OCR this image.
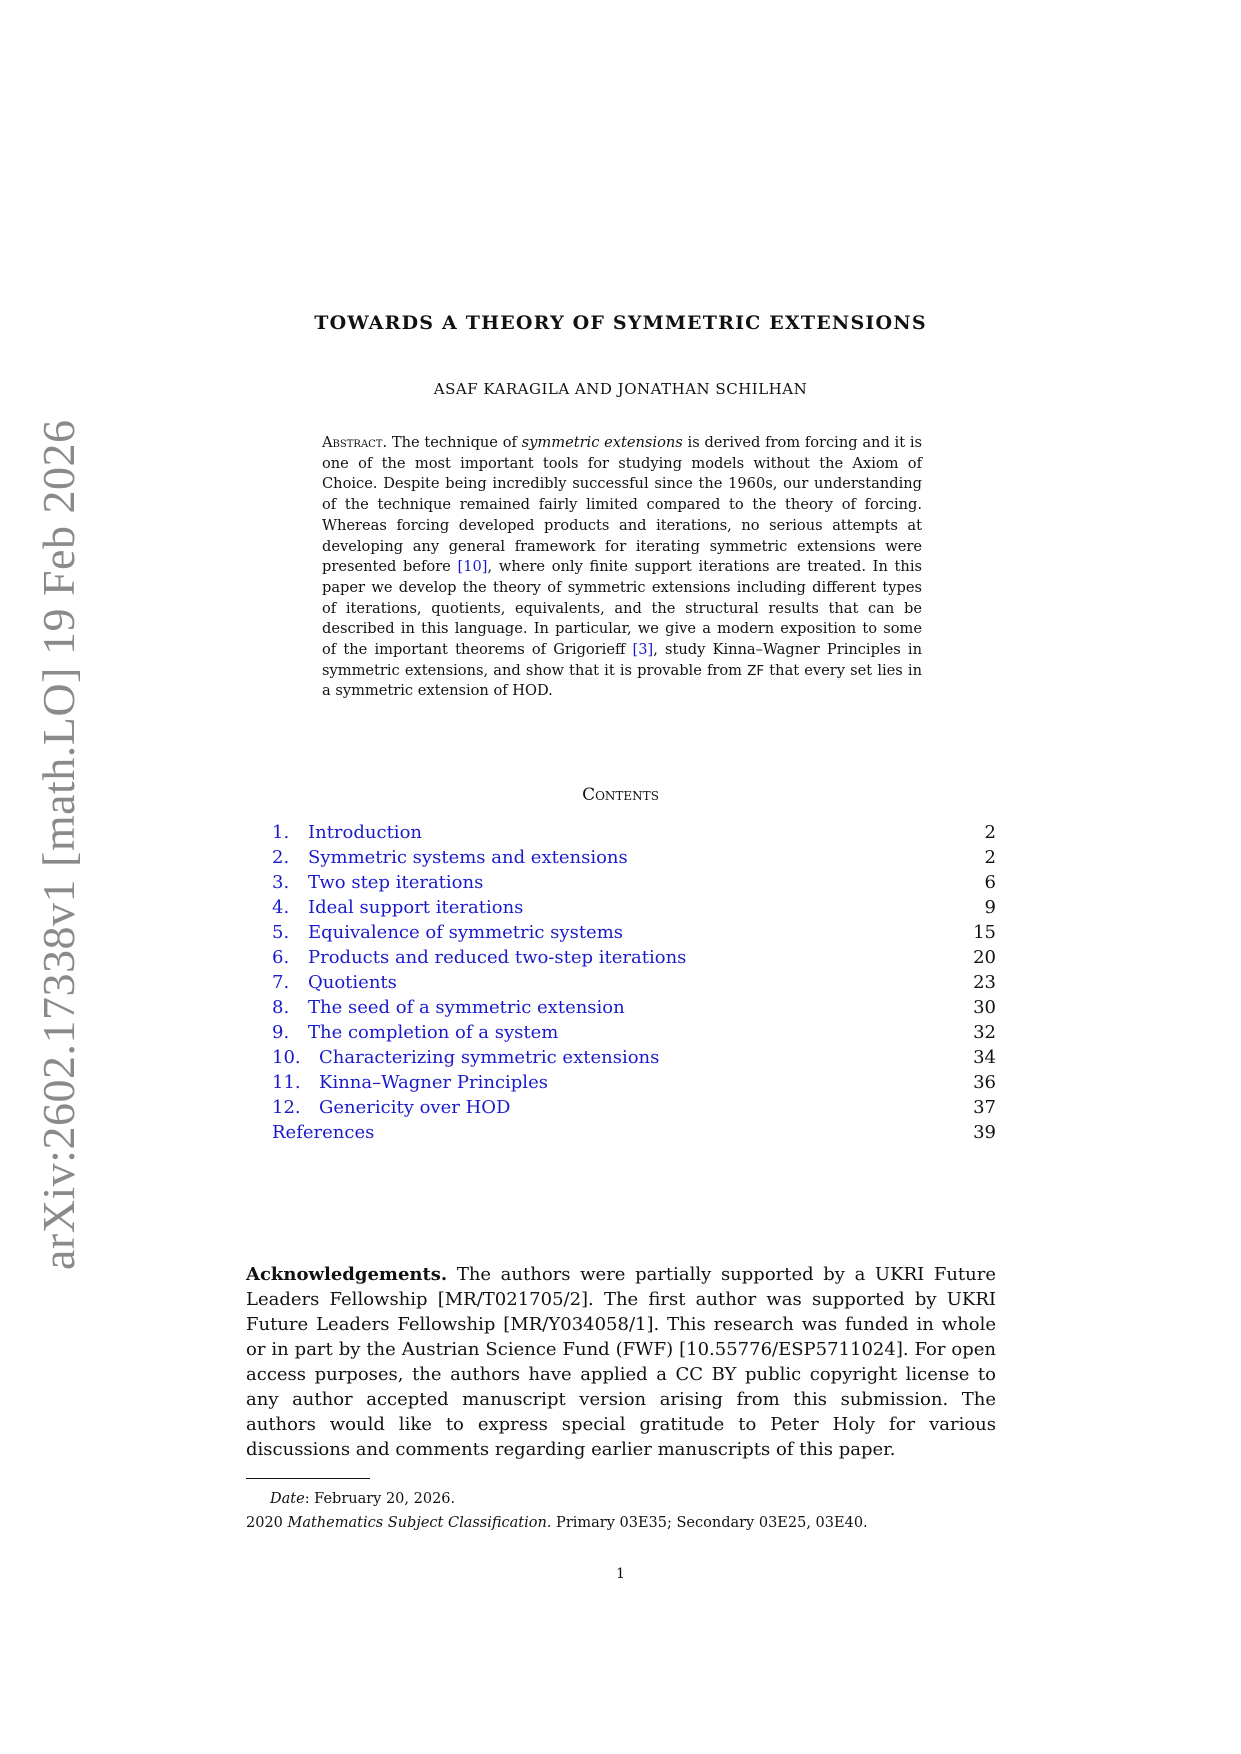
arXiv:2602.17338v1 [math.LO] 19 Feb 2026
TOWARDS A THEORY OF SYMMETRIC EXTENSIONS
ASAF KARAGILA AND JONATHAN SCHILHAN
Abstract. The technique of symmetric extensions is derived from forcing and it is one of the most important tools for studying models without the Axiom of Choice. Despite being incredibly successful since the 1960s, our understanding of the technique remained fairly limited compared to the theory of forcing. Whereas forcing developed products and iterations, no serious attempts at developing any general framework for iterating symmetric extensions were presented before [10], where only finite support iterations are treated. In this paper we develop the theory of symmetric extensions including different types of iterations, quotients, equivalents, and the structural results that can be described in this language. In particular, we give a modern exposition to some of the important theorems of Grigorieff [3], study Kinna–Wagner Principles in symmetric extensions, and show that it is provable from ZF that every set lies in a symmetric extension of HOD.
Contents
1. Introduction	2
2. Symmetric systems and extensions	2
3. Two step iterations	6
4. Ideal support iterations	9
5. Equivalence of symmetric systems	15
6. Products and reduced two-step iterations	20
7. Quotients	23
8. The seed of a symmetric extension	30
9. The completion of a system	32
10. Characterizing symmetric extensions	34
11. Kinna–Wagner Principles	36
12. Genericity over HOD	37
References	39
Acknowledgements. The authors were partially supported by a UKRI Future Leaders Fellowship [MR/T021705/2]. The first author was supported by UKRI Future Leaders Fellowship [MR/Y034058/1]. This research was funded in whole or in part by the Austrian Science Fund (FWF) [10.55776/ESP5711024]. For open access purposes, the authors have applied a CC BY public copyright license to any author accepted manuscript version arising from this submission. The authors would like to express special gratitude to Peter Holy for various discussions and comments regarding earlier manuscripts of this paper.
Date: February 20, 2026.
2020 Mathematics Subject Classification. Primary 03E35; Secondary 03E25, 03E40.
1
